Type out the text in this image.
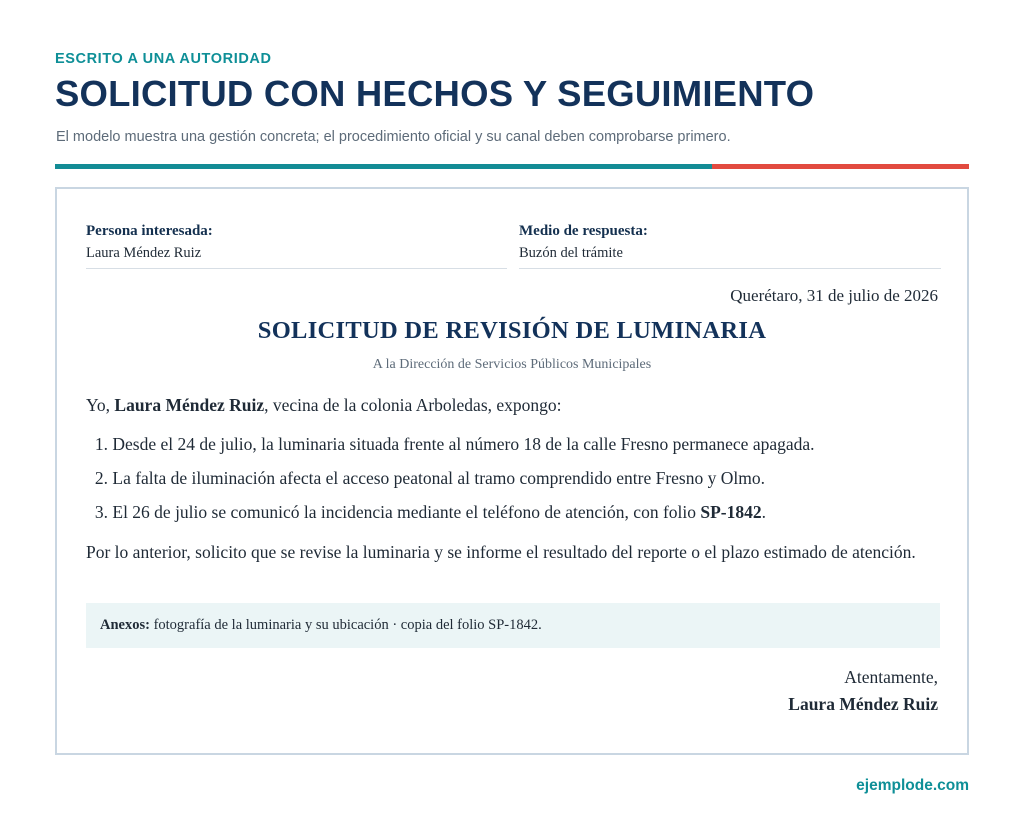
ESCRITO A UNA AUTORIDAD
SOLICITUD CON HECHOS Y SEGUIMIENTO
El modelo muestra una gestión concreta; el procedimiento oficial y su canal deben comprobarse primero.
Persona interesada:
Laura Méndez Ruiz
Medio de respuesta:
Buzón del trámite
Querétaro, 31 de julio de 2026
SOLICITUD DE REVISIÓN DE LUMINARIA
A la Dirección de Servicios Públicos Municipales

Yo, Laura Méndez Ruiz, vecina de la colonia Arboledas, expongo:

1. Desde el 24 de julio, la luminaria situada frente al número 18 de la calle Fresno permanece apagada.
2. La falta de iluminación afecta el acceso peatonal al tramo comprendido entre Fresno y Olmo.
3. El 26 de julio se comunicó la incidencia mediante el teléfono de atención, con folio SP-1842.

Por lo anterior, solicito que se revise la luminaria y se informe el resultado del reporte o el plazo estimado de atención.

Anexos: fotografía de la luminaria y su ubicación · copia del folio SP-1842.
Atentamente,
Laura Méndez Ruiz
ejemplode.com
